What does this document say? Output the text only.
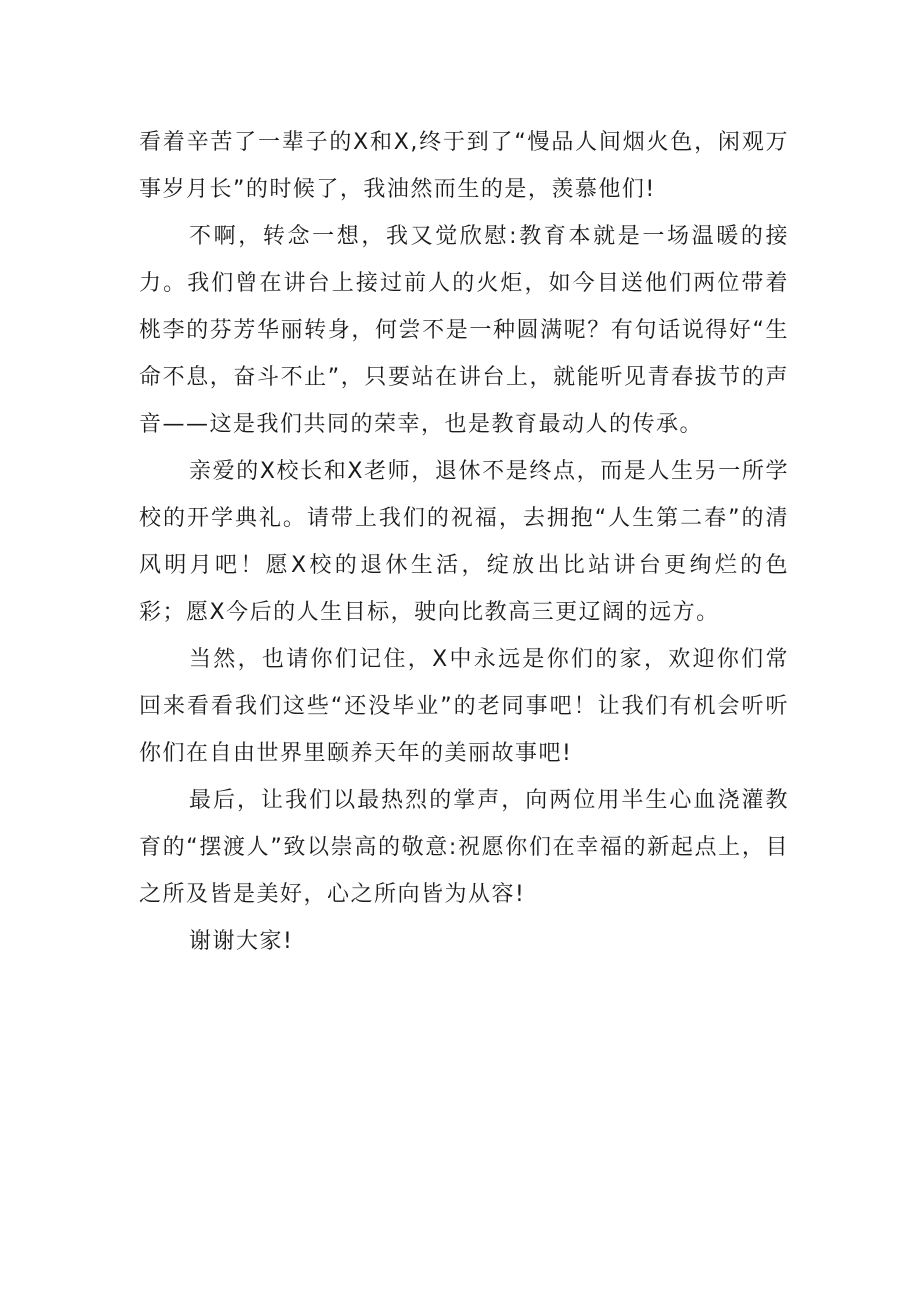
看着辛苦了一辈子的X和X,终于到了“慢品人间烟火色，闲观万事岁月长”的时候了，我油然而生的是，羡慕他们!

不啊，转念一想，我又觉欣慰:教育本就是一场温暖的接力。我们曾在讲台上接过前人的火炬，如今目送他们两位带着桃李的芬芳华丽转身，何尝不是一种圆满呢？有句话说得好“生命不息，奋斗不止”，只要站在讲台上，就能听见青春拔节的声音——这是我们共同的荣幸，也是教育最动人的传承。

亲爱的X校长和X老师，退休不是终点，而是人生另一所学校的开学典礼。请带上我们的祝福，去拥抱“人生第二春”的清风明月吧！愿X校的退休生活，绽放出比站讲台更绚烂的色彩；愿X今后的人生目标，驶向比教高三更辽阔的远方。

当然，也请你们记住，X中永远是你们的家，欢迎你们常回来看看我们这些“还没毕业”的老同事吧！让我们有机会听听你们在自由世界里颐养天年的美丽故事吧!

最后，让我们以最热烈的掌声，向两位用半生心血浇灌教育的“摆渡人”致以崇高的敬意:祝愿你们在幸福的新起点上，目之所及皆是美好，心之所向皆为从容!

谢谢大家!
